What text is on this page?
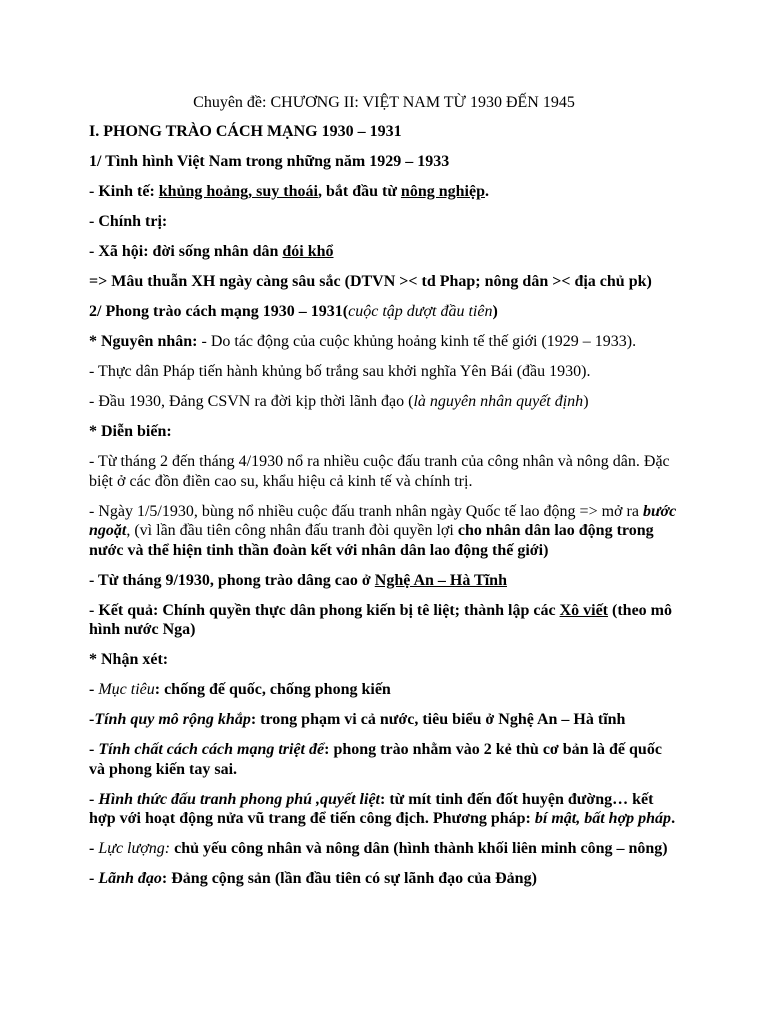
Chuyên đề: CHƯƠNG II: VIỆT NAM TỪ 1930 ĐẾN 1945

I. PHONG TRÀO CÁCH MẠNG 1930 – 1931

1/ Tình hình Việt Nam trong những năm 1929 – 1933

- Kinh tế: khủng hoảng, suy thoái, bắt đầu từ nông nghiệp.

- Chính trị:

- Xã hội: đời sống nhân dân đói khổ

=> Mâu thuẫn XH ngày càng sâu sắc (DTVN >< td Phap; nông dân >< địa chủ pk)

2/ Phong trào cách mạng 1930 – 1931(cuộc tập dượt đầu tiên)

* Nguyên nhân: - Do tác động của cuộc khủng hoảng kinh tế thế giới (1929 – 1933).

- Thực dân Pháp tiến hành khủng bố trắng sau khởi nghĩa Yên Bái (đầu 1930).

- Đầu 1930, Đảng CSVN ra đời kịp thời lãnh đạo (là nguyên nhân quyết định)

* Diễn biến:

- Từ tháng 2 đến tháng 4/1930 nổ ra nhiều cuộc đấu tranh của công nhân và nông dân. Đặc biệt ở các đồn điền cao su, khẩu hiệu cả kinh tế và chính trị.

- Ngày 1/5/1930, bùng nổ nhiều cuộc đấu tranh nhân ngày Quốc tế lao động => mở ra bước ngoặt, (vì lần đầu tiên công nhân đấu tranh đòi quyền lợi cho nhân dân lao động trong nước và thể hiện tinh thần đoàn kết với nhân dân lao động thế giới)

- Từ tháng 9/1930, phong trào dâng cao ở Nghệ An – Hà Tĩnh

- Kết quả: Chính quyền thực dân phong kiến bị tê liệt; thành lập các Xô viết (theo mô hình nước Nga)

* Nhận xét:

- Mục tiêu: chống đế quốc, chống phong kiến

-Tính quy mô rộng khắp: trong phạm vi cả nước, tiêu biểu ở Nghệ An – Hà tĩnh

- Tính chất cách cách mạng triệt để: phong trào nhằm vào 2 kẻ thù cơ bản là đế quốc và phong kiến tay sai.

- Hình thức đấu tranh phong phú ,quyết liệt: từ mít tinh đến đốt huyện đường… kết hợp với hoạt động nửa vũ trang để tiến công địch. Phương pháp: bí mật, bất hợp pháp.

- Lực lượng: chủ yếu công nhân và nông dân (hình thành khối liên minh công – nông)

- Lãnh đạo: Đảng cộng sản (lần đầu tiên có sự lãnh đạo của Đảng)
